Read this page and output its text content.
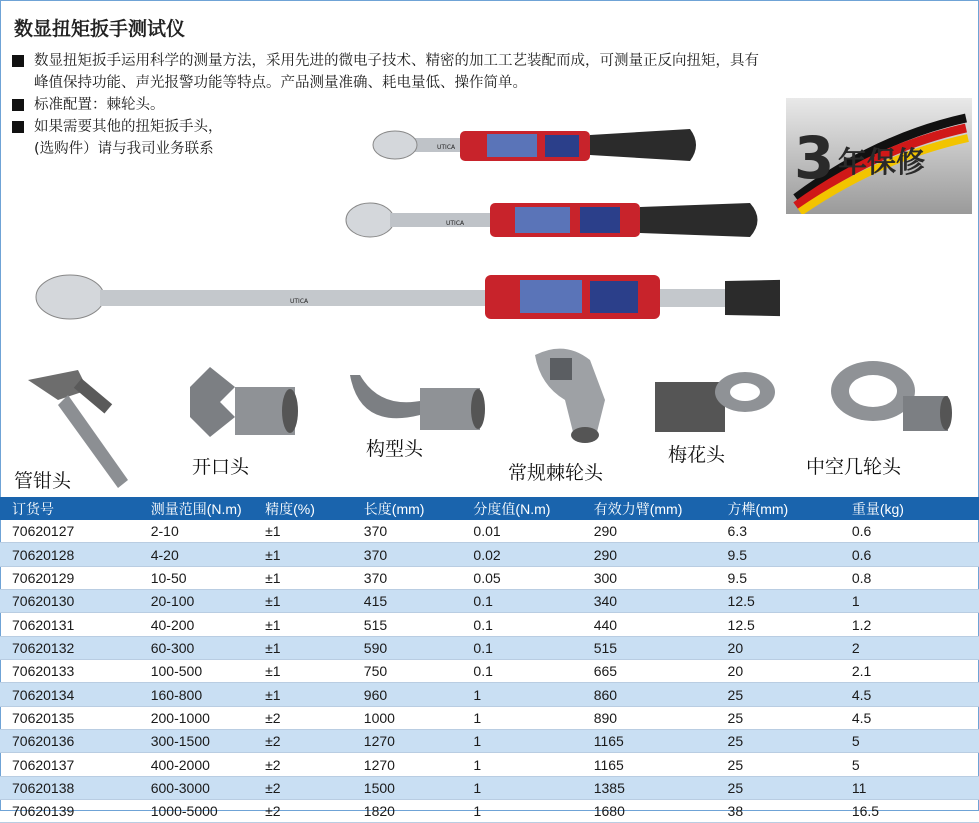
数显扭矩扳手测试仪
数显扭矩扳手运用科学的测量方法，采用先进的微电子技术、精密的加工工艺装配而成，可测量正反向扭矩，具有
峰值保持功能、声光报警功能等特点。产品测量准确、耗电量低、操作简单。
标准配置：棘轮头。
如果需要其他的扭矩扳手头，
(选购件）请与我司业务联系	3 年保修
UTICA
UTICA
UTICA
管钳头
开口头
构型头
常规棘轮头
梅花头
中空几轮头
订货号	测量范围(N.m)	精度(%)	长度(mm)	分度值(N.m)	有效力臂(mm)	方榫(mm)	重量(kg)
70620127	2-10	±1	370	0.01	290	6.3	0.6
70620128	4-20	±1	370	0.02	290	9.5	0.6
70620129	10-50	±1	370	0.05	300	9.5	0.8
70620130	20-100	±1	415	0.1	340	12.5	1
70620131	40-200	±1	515	0.1	440	12.5	1.2
70620132	60-300	±1	590	0.1	515	20	2
70620133	100-500	±1	750	0.1	665	20	2.1
70620134	160-800	±1	960	1	860	25	4.5
70620135	200-1000	±2	1000	1	890	25	4.5
70620136	300-1500	±2	1270	1	1165	25	5
70620137	400-2000	±2	1270	1	1165	25	5
70620138	600-3000	±2	1500	1	1385	25	11
70620139	1000-5000	±2	1820	1	1680	38	16.5
